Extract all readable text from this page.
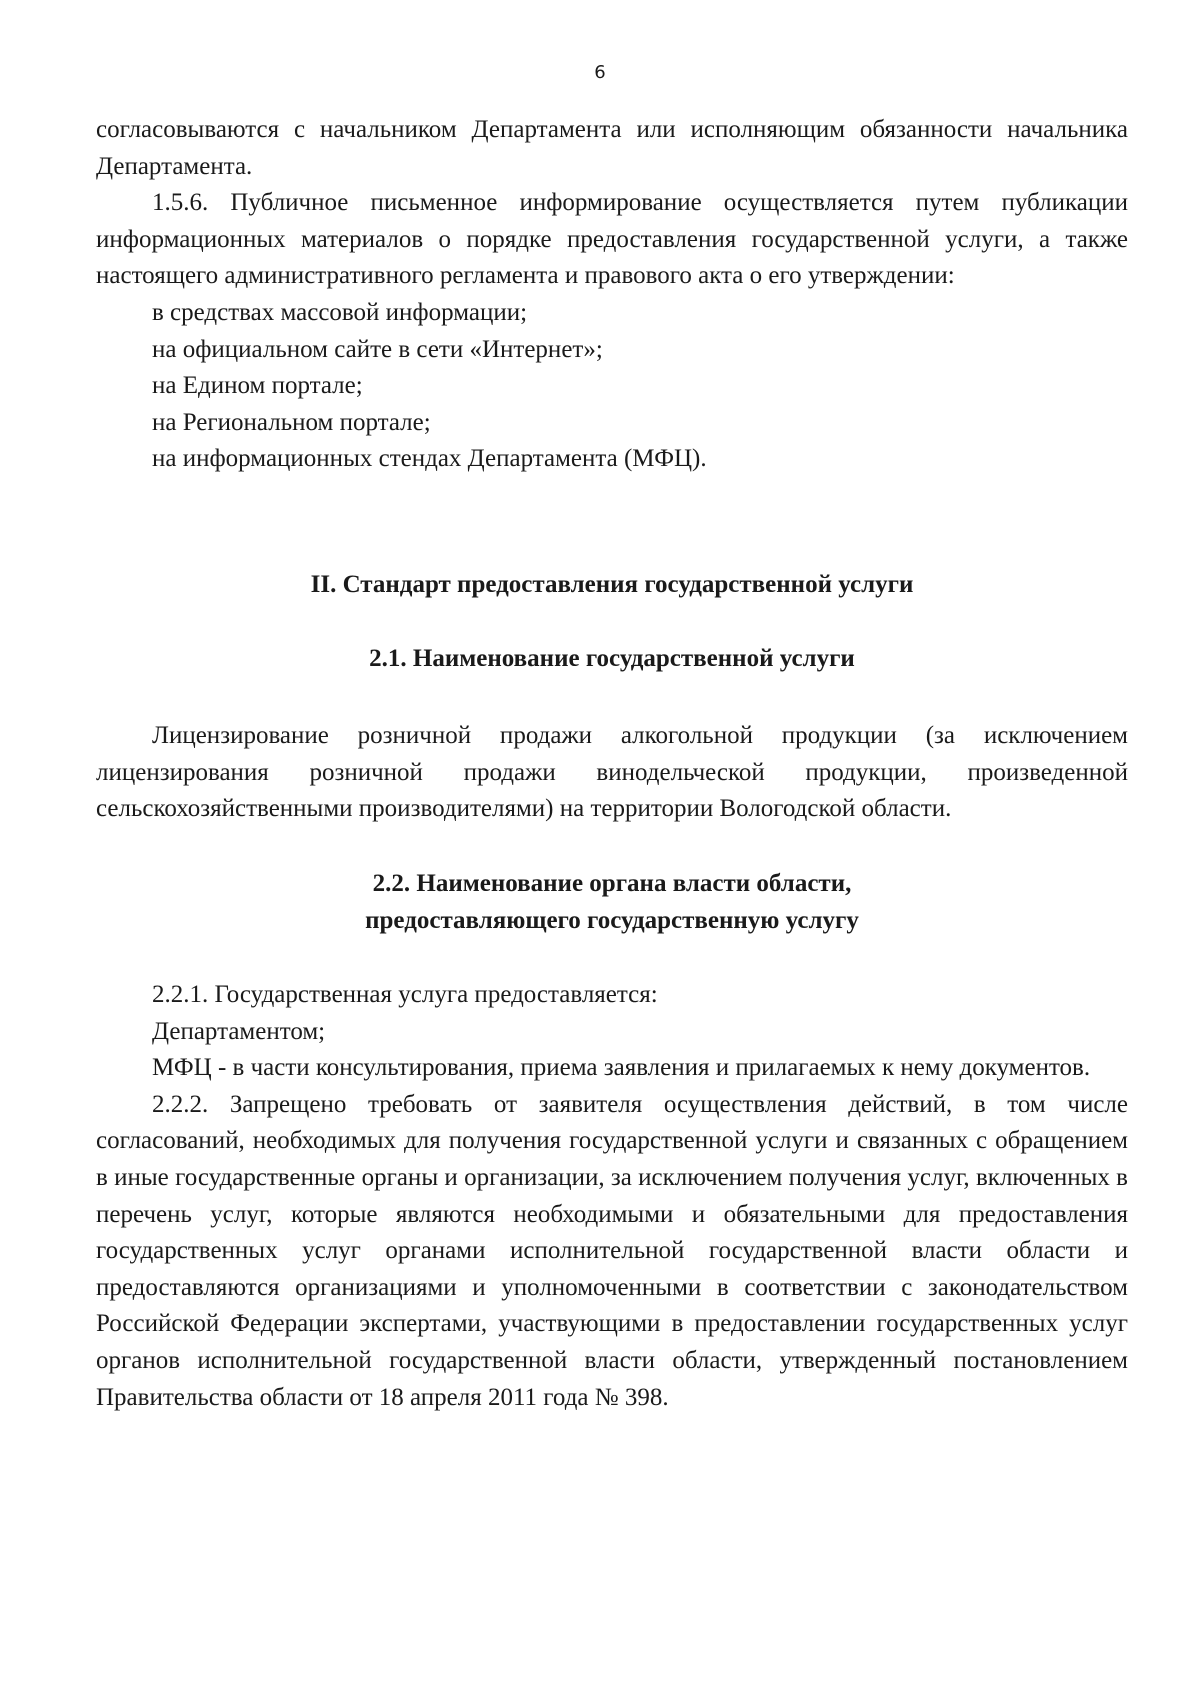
6

согласовываются с начальником Департамента или исполняющим обязанности начальника Департамента.

1.5.6. Публичное письменное информирование осуществляется путем публикации информационных материалов о порядке предоставления государственной услуги, а также настоящего административного регламента и правового акта о его утверждении:

в средствах массовой информации;

на официальном сайте в сети «Интернет»;

на Едином портале;

на Региональном портале;

на информационных стендах Департамента (МФЦ).

II. Стандарт предоставления государственной услуги

2.1. Наименование государственной услуги

Лицензирование розничной продажи алкогольной продукции (за исключением лицензирования розничной продажи винодельческой продукции, произведенной сельскохозяйственными производителями) на территории Вологодской области.

2.2. Наименование органа власти области,

предоставляющего государственную услугу

2.2.1. Государственная услуга предоставляется:

Департаментом;

МФЦ - в части консультирования, приема заявления и прилагаемых к нему документов.

2.2.2. Запрещено требовать от заявителя осуществления действий, в том числе согласований, необходимых для получения государственной услуги и связанных с обращением в иные государственные органы и организации, за исключением получения услуг, включенных в перечень услуг, которые являются необходимыми и обязательными для предоставления государственных услуг органами исполнительной государственной власти области и предоставляются организациями и уполномоченными в соответствии с законодательством Российской Федерации экспертами, участвующими в предоставлении государственных услуг органов исполнительной государственной власти области, утвержденный постановлением Правительства области от 18 апреля 2011 года № 398.
